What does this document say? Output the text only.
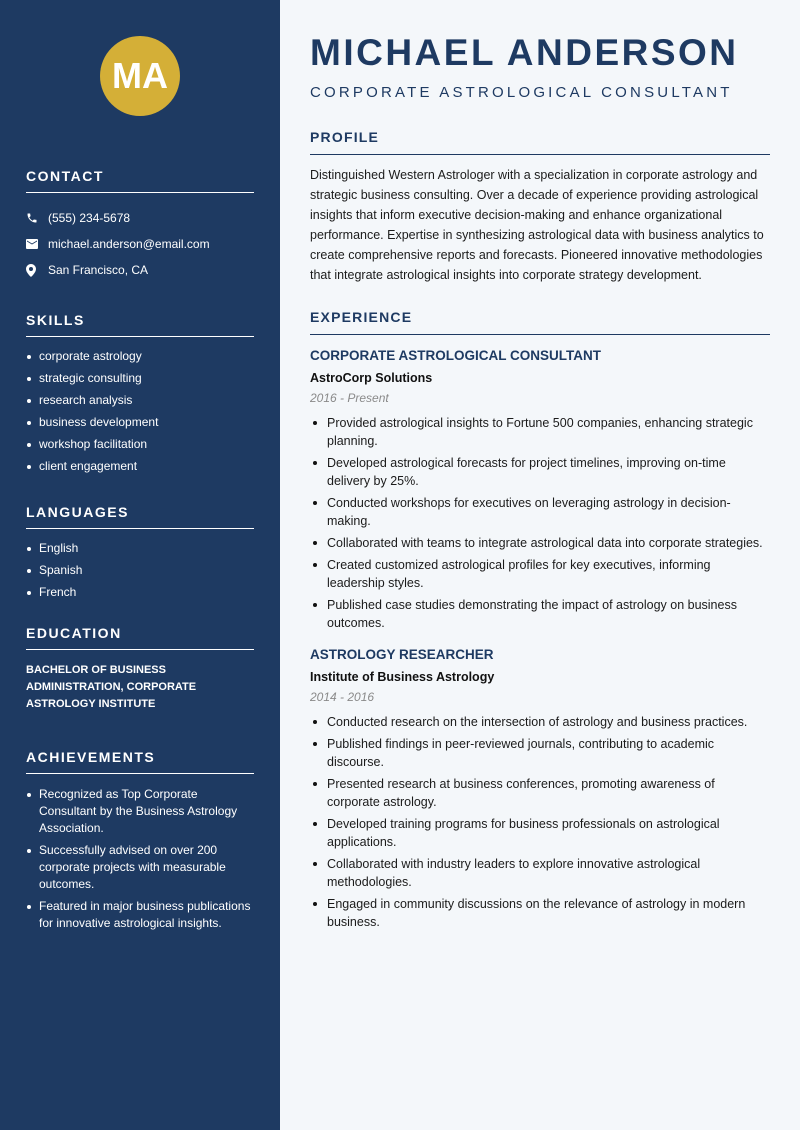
MA
CONTACT
(555) 234-5678
michael.anderson@email.com
San Francisco, CA
SKILLS
corporate astrology
strategic consulting
research analysis
business development
workshop facilitation
client engagement
LANGUAGES
English
Spanish
French
EDUCATION
BACHELOR OF BUSINESS ADMINISTRATION, CORPORATE ASTROLOGY INSTITUTE
ACHIEVEMENTS
Recognized as Top Corporate Consultant by the Business Astrology Association.
Successfully advised on over 200 corporate projects with measurable outcomes.
Featured in major business publications for innovative astrological insights.
MICHAEL ANDERSON
CORPORATE ASTROLOGICAL CONSULTANT
PROFILE

Distinguished Western Astrologer with a specialization in corporate astrology and strategic business consulting. Over a decade of experience providing astrological insights that inform executive decision-making and enhance organizational performance. Expertise in synthesizing astrological data with business analytics to create comprehensive reports and forecasts. Pioneered innovative methodologies that integrate astrological insights into corporate strategy development.

EXPERIENCE
CORPORATE ASTROLOGICAL CONSULTANT
AstroCorp Solutions
2016 - Present
Provided astrological insights to Fortune 500 companies, enhancing strategic planning.
Developed astrological forecasts for project timelines, improving on-time delivery by 25%.
Conducted workshops for executives on leveraging astrology in decision-making.
Collaborated with teams to integrate astrological data into corporate strategies.
Created customized astrological profiles for key executives, informing leadership styles.
Published case studies demonstrating the impact of astrology on business outcomes.
ASTROLOGY RESEARCHER
Institute of Business Astrology
2014 - 2016
Conducted research on the intersection of astrology and business practices.
Published findings in peer-reviewed journals, contributing to academic discourse.
Presented research at business conferences, promoting awareness of corporate astrology.
Developed training programs for business professionals on astrological applications.
Collaborated with industry leaders to explore innovative astrological methodologies.
Engaged in community discussions on the relevance of astrology in modern business.
